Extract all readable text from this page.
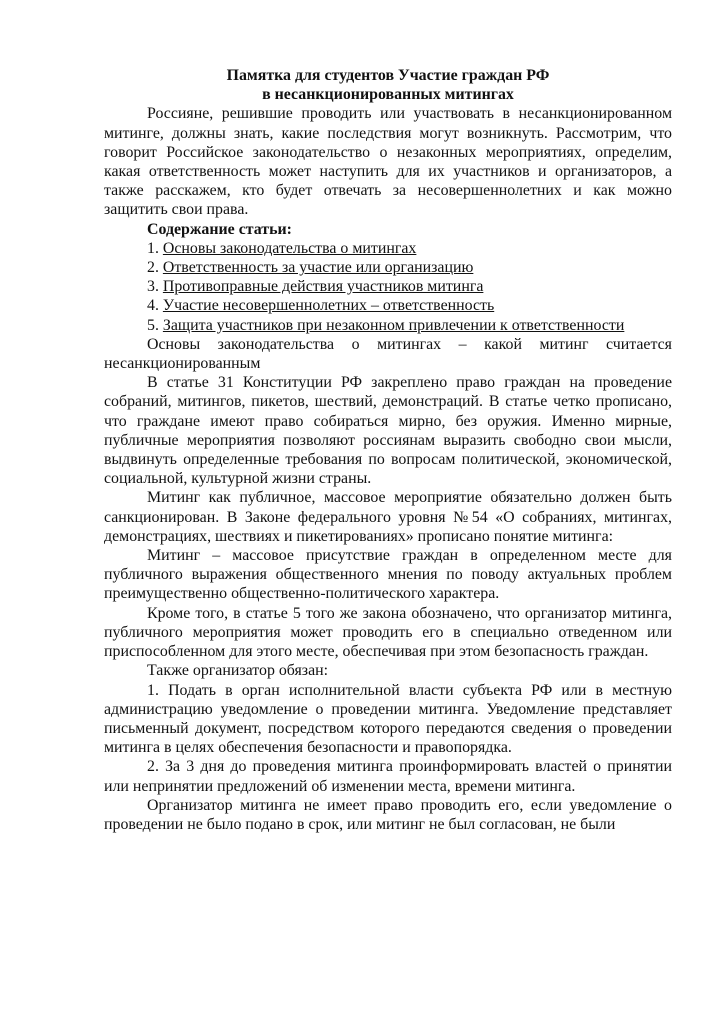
Памятка для студентов Участие граждан РФ
в несанкционированных митингах

Россияне, решившие проводить или участвовать в несанкционированном митинге, должны знать, какие последствия могут возникнуть. Рассмотрим, что говорит Российское законодательство о незаконных мероприятиях, определим, какая ответственность может наступить для их участников и организаторов, а также расскажем, кто будет отвечать за несовершеннолетних и как можно защитить свои права.

Содержание статьи:
1. Основы законодательства о митингах
2. Ответственность за участие или организацию
3. Противоправные действия участников митинга
4. Участие несовершеннолетних – ответственность
5. Защита участников при незаконном привлечении к ответственности

Основы законодательства о митингах – какой митинг считается несанкционированным

В статье 31 Конституции РФ закреплено право граждан на проведение собраний, митингов, пикетов, шествий, демонстраций. В статье четко прописано, что граждане имеют право собираться мирно, без оружия. Именно мирные, публичные мероприятия позволяют россиянам выразить свободно свои мысли, выдвинуть определенные требования по вопросам политической, экономической, социальной, культурной жизни страны.

Митинг как публичное, массовое мероприятие обязательно должен быть санкционирован. В Законе федерального уровня №54 «О собраниях, митингах, демонстрациях, шествиях и пикетированиях» прописано понятие митинга:

Митинг – массовое присутствие граждан в определенном месте для публичного выражения общественного мнения по поводу актуальных проблем преимущественно общественно-политического характера.

Кроме того, в статье 5 того же закона обозначено, что организатор митинга, публичного мероприятия может проводить его в специально отведенном или приспособленном для этого месте, обеспечивая при этом безопасность граждан.

Также организатор обязан:

1. Подать в орган исполнительной власти субъекта РФ или в местную администрацию уведомление о проведении митинга. Уведомление представляет письменный документ, посредством которого передаются сведения о проведении митинга в целях обеспечения безопасности и правопорядка.

2. За 3 дня до проведения митинга проинформировать властей о принятии или непринятии предложений об изменении места, времени митинга.

Организатор митинга не имеет право проводить его, если уведомление о проведении не было подано в срок, или митинг не был согласован, не были
